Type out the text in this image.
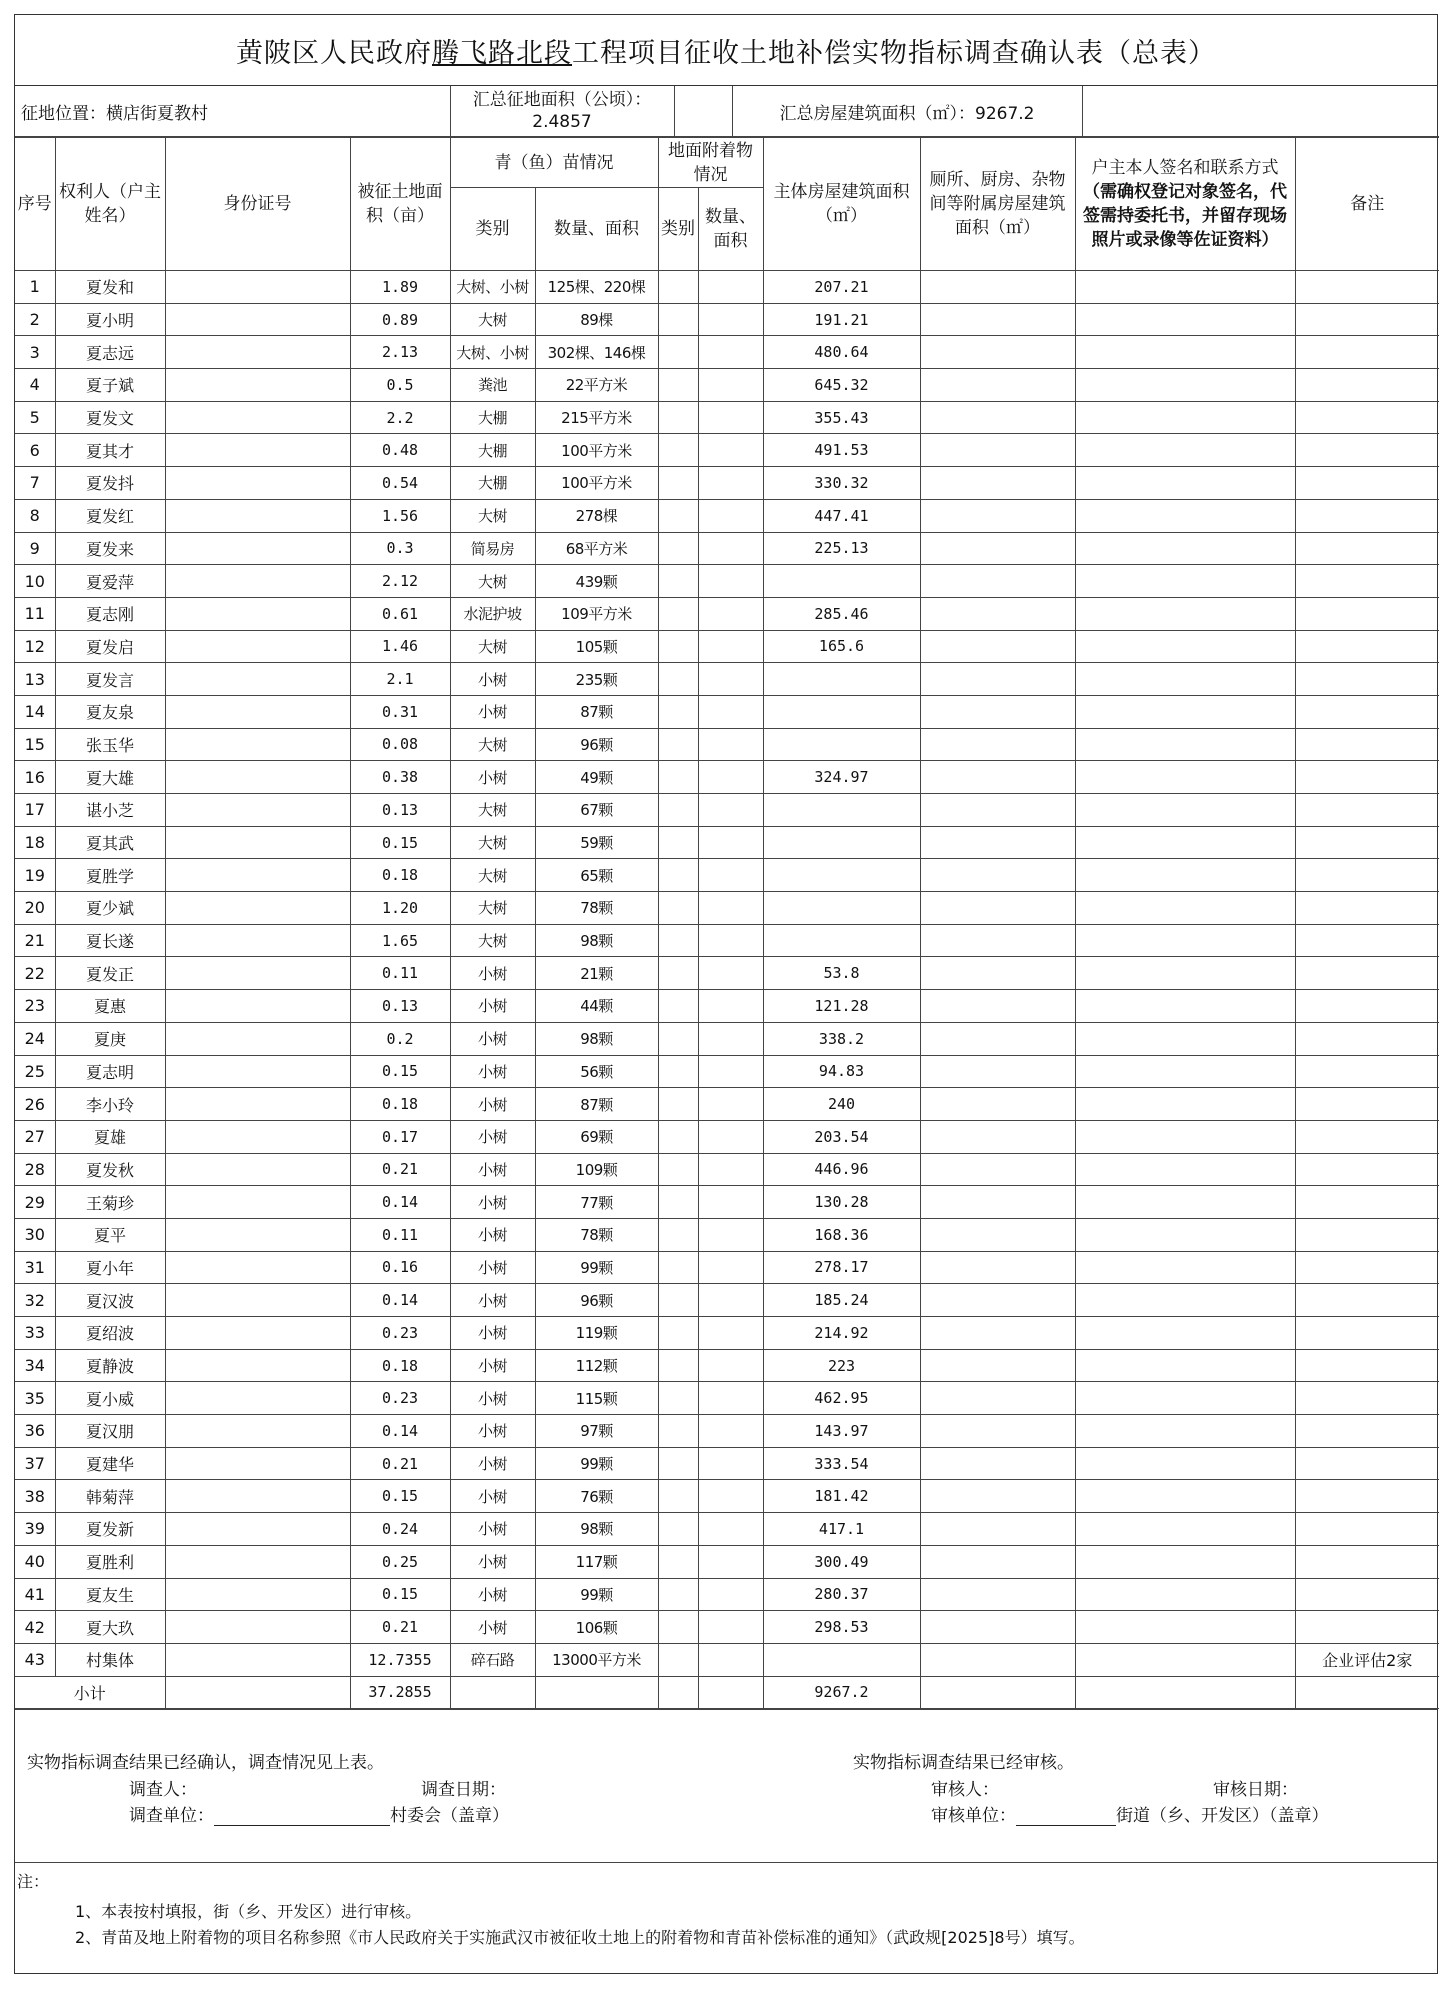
黄陂区人民政府 腾飞路北段 工程项目征收土地补偿实物指标调查确认表（总表）
征地位置：横店街夏教村	
汇总征地面积（公顷）：
2.4857		汇总房屋建筑面积（㎡）：9267.2	
序号	权利人（户主姓名）	身份证号	被征土地面积（亩）	青（鱼）苗情况		地面附着物情况		主体房屋建筑面积（㎡）	厕所、厨房、杂物间等附属房屋建筑面积（㎡）	户主本人签名和联系方式
（需确权登记对象签名，代签需持委托书，并留存现场照片或录像等佐证资料）	备注
				类别	数量、面积	类别	数量、面积				
1	夏发和		1.89	大树、小树	125棵、220棵			207.21			
2	夏小明		0.89	大树	89棵			191.21			
3	夏志远		2.13	大树、小树	302棵、146棵			480.64			
4	夏子斌		0.5	粪池	22平方米			645.32			
5	夏发文		2.2	大棚	215平方米			355.43			
6	夏其才		0.48	大棚	100平方米			491.53			
7	夏发抖		0.54	大棚	100平方米			330.32			
8	夏发红		1.56	大树	278棵			447.41			
9	夏发来		0.3	简易房	68平方米			225.13			
10	夏爱萍		2.12	大树	439颗						
11	夏志刚		0.61	水泥护坡	109平方米			285.46			
12	夏发启		1.46	大树	105颗			165.6			
13	夏发言		2.1	小树	235颗						
14	夏友泉		0.31	小树	87颗						
15	张玉华		0.08	大树	96颗						
16	夏大雄		0.38	小树	49颗			324.97			
17	谌小芝		0.13	大树	67颗						
18	夏其武		0.15	大树	59颗						
19	夏胜学		0.18	大树	65颗						
20	夏少斌		1.20	大树	78颗						
21	夏长遂		1.65	大树	98颗						
22	夏发正		0.11	小树	21颗			53.8			
23	夏惠		0.13	小树	44颗			121.28			
24	夏庚		0.2	小树	98颗			338.2			
25	夏志明		0.15	小树	56颗			94.83			
26	李小玲		0.18	小树	87颗			240			
27	夏雄		0.17	小树	69颗			203.54			
28	夏发秋		0.21	小树	109颗			446.96			
29	王菊珍		0.14	小树	77颗			130.28			
30	夏平		0.11	小树	78颗			168.36			
31	夏小年		0.16	小树	99颗			278.17			
32	夏汉波		0.14	小树	96颗			185.24			
33	夏绍波		0.23	小树	119颗			214.92			
34	夏静波		0.18	小树	112颗			223			
35	夏小威		0.23	小树	115颗			462.95			
36	夏汉朋		0.14	小树	97颗			143.97			
37	夏建华		0.21	小树	99颗			333.54			
38	韩菊萍		0.15	小树	76颗			181.42			
39	夏发新		0.24	小树	98颗			417.1			
40	夏胜利		0.25	小树	117颗			300.49			
41	夏友生		0.15	小树	99颗			280.37			
42	夏大玖		0.21	小树	106颗			298.53			
43	村集体		12.7355	碎石路	13000平方米						企业评估2家
小计			37.2855					9267.2			
实物指标调查结果已经确认，调查情况见上表。
调查人：	调查日期：
调查单位：	村委会（盖章）
实物指标调查结果已经审核。
审核人：	审核日期：
审核单位：	街道（乡、开发区）（盖章）
注：
1、本表按村填报，街（乡、开发区）进行审核。
2、青苗及地上附着物的项目名称参照《市人民政府关于实施武汉市被征收土地上的附着物和青苗补偿标准的通知》（武政规[2025]8号）填写。
